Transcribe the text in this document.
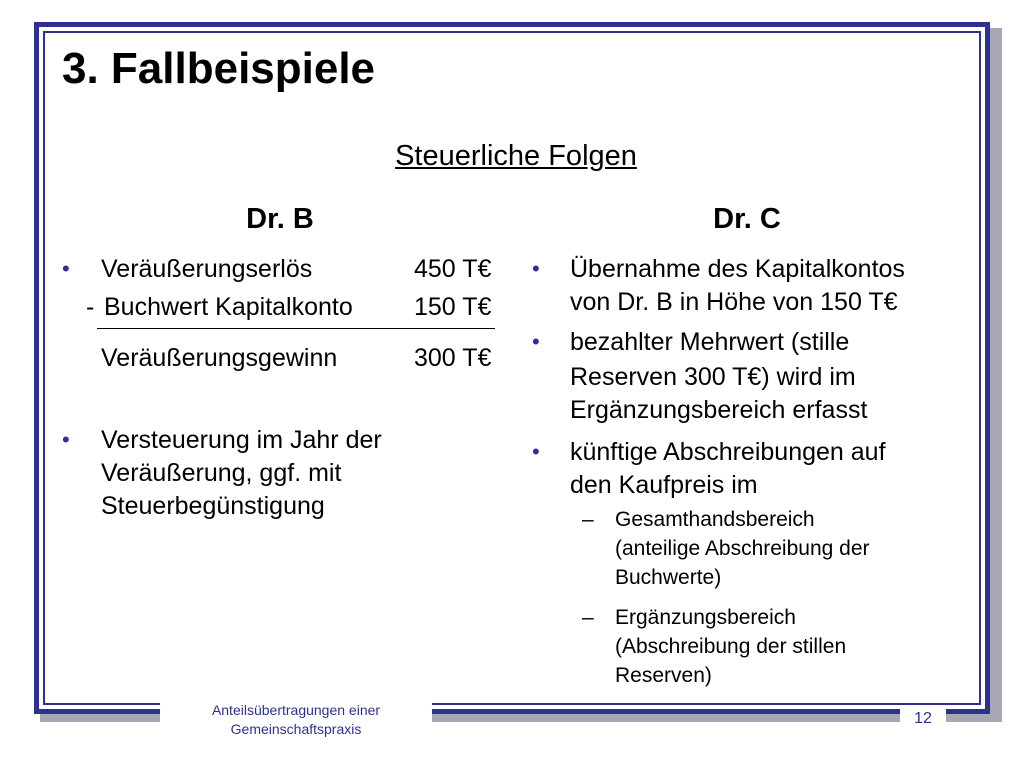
3. Fallbeispiele
Steuerliche Folgen
Dr. B
• Veräußerungserlös	450 T€
- Buchwert Kapitalkonto 150 T€
Veräußerungsgewinn	300 T€
• Versteuerung im Jahr der
Veräußerung, ggf. mit
Steuerbegünstigung
Dr. C
• Übernahme des Kapitalkontos
von Dr. B in Höhe von 150 T€
• bezahlter Mehrwert (stille
Reserven 300 T€) wird im
Ergänzungsbereich erfasst
• künftige Abschreibungen auf
den Kaufpreis im
– Gesamthandsbereich
(anteilige Abschreibung der
Buchwerte)
– Ergänzungsbereich
(Abschreibung der stillen
Reserven)
Anteilsübertragungen einer
Gemeinschaftspraxis
12
